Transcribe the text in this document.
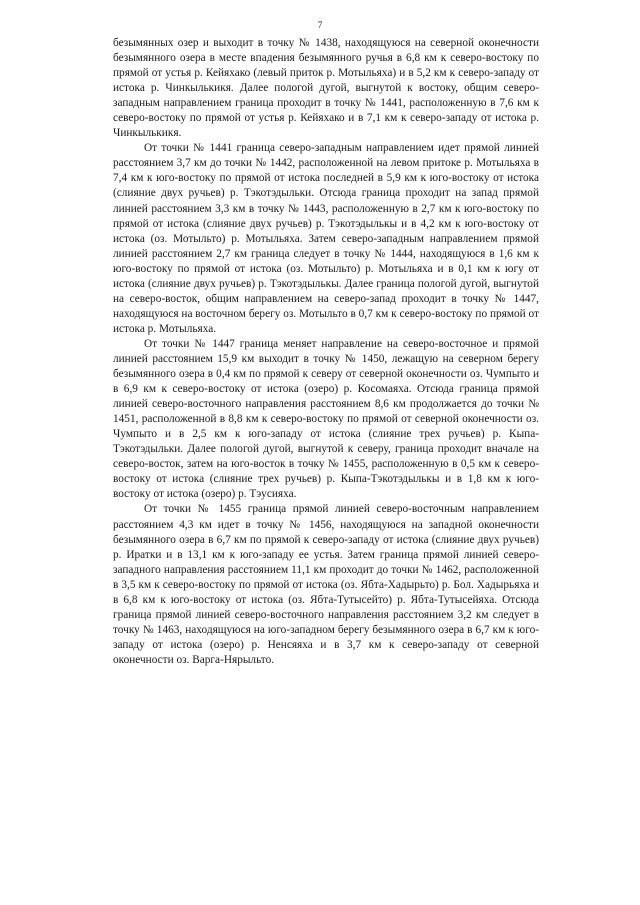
7

безымянных озер и выходит в точку № 1438, находящуюся на северной оконечности безымянного озера в месте впадения безымянного ручья в 6,8 км к северо-востоку по прямой от устья р. Кейяхако (левый приток р. Мотыльяха) и в 5,2 км к северо-западу от истока р. Чинкылькикя. Далее пологой дугой, выгнутой к востоку, общим северо-западным направлением граница проходит в точку № 1441, расположенную в 7,6 км к северо-востоку по прямой от устья р. Кейяхако и в 7,1 км к северо-западу от истока р. Чинкылькикя.

От точки № 1441 граница северо-западным направлением идет прямой линией расстоянием 3,7 км до точки № 1442, расположенной на левом притоке р. Мотыльяха в 7,4 км к юго-востоку по прямой от истока последней в 5,9 км к юго-востоку от истока (слияние двух ручьев) р. Тэкотэдыльки. Отсюда граница проходит на запад прямой линией расстоянием 3,3 км в точку № 1443, расположенную в 2,7 км к юго-востоку по прямой от истока (слияние двух ручьев) р. Тэкотэдылькы и в 4,2 км к юго-востоку от истока (оз. Мотыльто) р. Мотыльяха. Затем северо-западным направлением прямой линией расстоянием 2,7 км граница следует в точку № 1444, находящуюся в 1,6 км к юго-востоку по прямой от истока (оз. Мотыльто) р. Мотыльяха и в 0,1 км к югу от истока (слияние двух ручьев) р. Тэкотэдылькы. Далее граница пологой дугой, выгнутой на северо-восток, общим направлением на северо-запад проходит в точку № 1447, находящуюся на восточном берегу оз. Мотыльто в 0,7 км к северо-востоку по прямой от истока р. Мотыльяха.

От точки № 1447 граница меняет направление на северо-восточное и прямой линией расстоянием 15,9 км выходит в точку № 1450, лежащую на северном берегу безымянного озера в 0,4 км по прямой к северу от северной оконечности оз. Чумпыто и в 6,9 км к северо-востоку от истока (озеро) р. Косомаяха. Отсюда граница прямой линией северо-восточного направления расстоянием 8,6 км продолжается до точки № 1451, расположенной в 8,8 км к северо-востоку по прямой от северной оконечности оз. Чумпыто и в 2,5 км к юго-западу от истока (слияние трех ручьев) р. Кыпа-Тэкотэдыльки. Далее пологой дугой, выгнутой к северу, граница проходит вначале на северо-восток, затем на юго-восток в точку № 1455, расположенную в 0,5 км к северо-востоку от истока (слияние трех ручьев) р. Кыпа-Тэкотэдылькы и в 1,8 км к юго-востоку от истока (озеро) р. Тэусияха.

От точки № 1455 граница прямой линией северо-восточным направлением расстоянием 4,3 км идет в точку № 1456, находящуюся на западной оконечности безымянного озера в 6,7 км по прямой к северо-западу от истока (слияние двух ручьев) р. Иратки и в 13,1 км к юго-западу ее устья. Затем граница прямой линией северо-западного направления расстоянием 11,1 км проходит до точки № 1462, расположенной в 3,5 км к северо-востоку по прямой от истока (оз. Ябта-Хадырьто) р. Бол. Хадырьяха и в 6,8 км к юго-востоку от истока (оз. Ябта-Тутысейто) р. Ябта-Тутысейяха. Отсюда граница прямой линией северо-восточного направления расстоянием 3,2 км следует в точку № 1463, находящуюся на юго-западном берегу безымянного озера в 6,7 км к юго-западу от истока (озеро) р. Ненсяяха и в 3,7 км к северо-западу от северной оконечности оз. Варга-Нярыльто.
